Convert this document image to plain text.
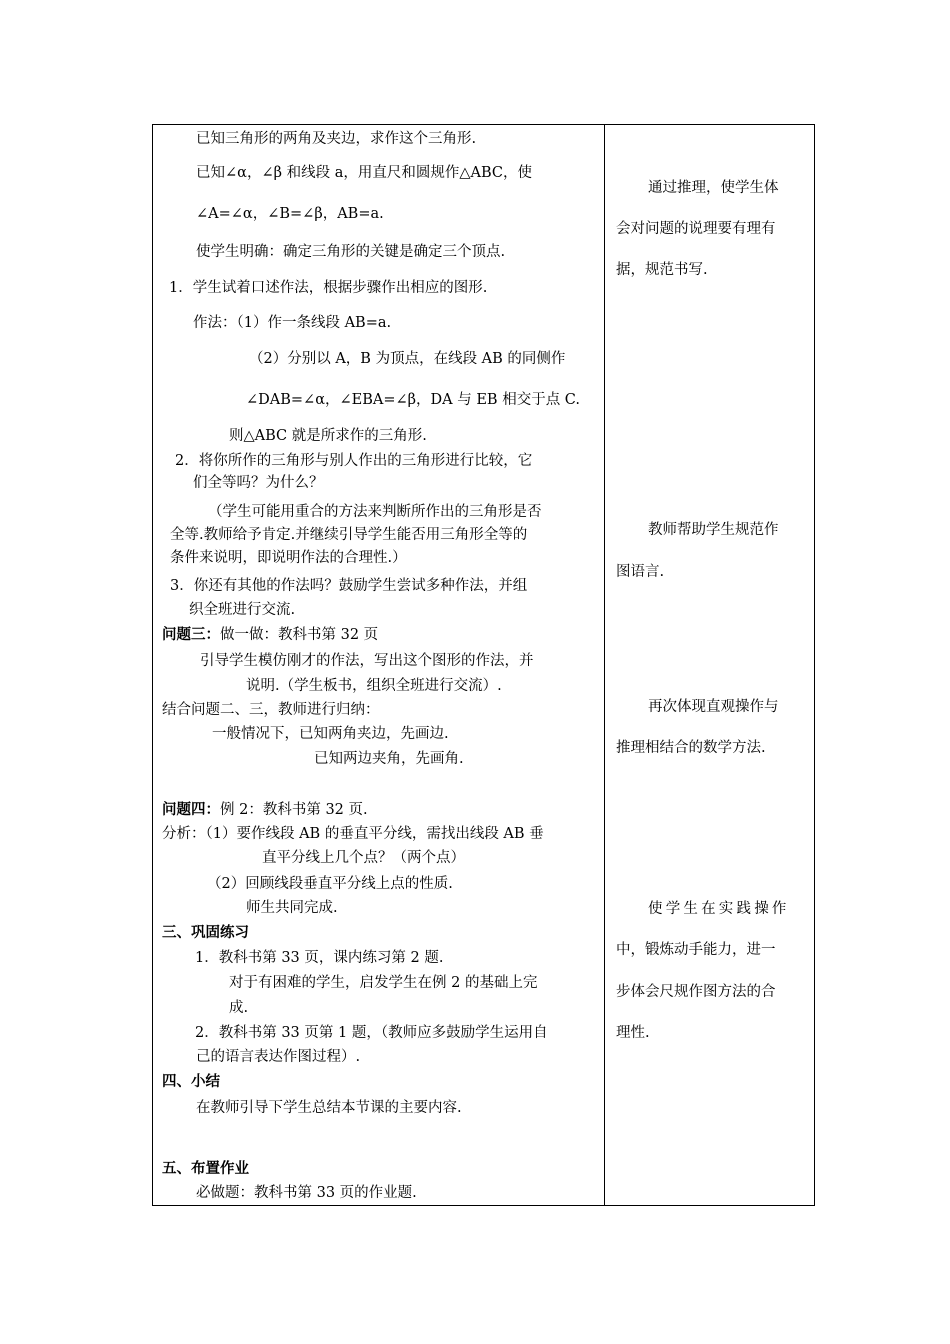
已知三角形的两角及夹边，求作这个三角形.
已知∠α，∠β 和线段 a，用直尺和圆规作△ABC，使
∠A=∠α，∠B=∠β，AB=a.
使学生明确：确定三角形的关键是确定三个顶点.
1．学生试着口述作法，根据步骤作出相应的图形.
作法：（1）作一条线段 AB=a.
（2）分别以 A，B 为顶点，在线段 AB 的同侧作
∠DAB=∠α，∠EBA=∠β，DA 与 EB 相交于点 C.
则△ABC 就是所求作的三角形.
2．将你所作的三角形与别人作出的三角形进行比较，它
们全等吗？为什么？
（学生可能用重合的方法来判断所作出的三角形是否
全等.教师给予肯定.并继续引导学生能否用三角形全等的
条件来说明，即说明作法的合理性.）
3．你还有其他的作法吗？鼓励学生尝试多种作法，并组
织全班进行交流.
问题三：做一做：教科书第 32 页
引导学生模仿刚才的作法，写出这个图形的作法，并
说明.（学生板书，组织全班进行交流）.
结合问题二、三，教师进行归纳：
一般情况下，已知两角夹边，先画边.
已知两边夹角，先画角.
问题四：例 2：教科书第 32 页.
分析：（1）要作线段 AB 的垂直平分线，需找出线段 AB 垂
直平分线上几个点？（两个点）
（2）回顾线段垂直平分线上点的性质.
师生共同完成.
三、巩固练习
1．教科书第 33 页，课内练习第 2 题.
对于有困难的学生，启发学生在例 2 的基础上完
成.
2．教科书第 33 页第 1 题，（教师应多鼓励学生运用自
己的语言表达作图过程）.
四、小结
在教师引导下学生总结本节课的主要内容.
五、布置作业
必做题：教科书第 33 页的作业题.
通过推理，使学生体
会对问题的说理要有理有
据，规范书写.
教师帮助学生规范作
图语言.
再次体现直观操作与
推理相结合的数学方法.
使学生在实践操作
中，锻炼动手能力，进一
步体会尺规作图方法的合
理性.
